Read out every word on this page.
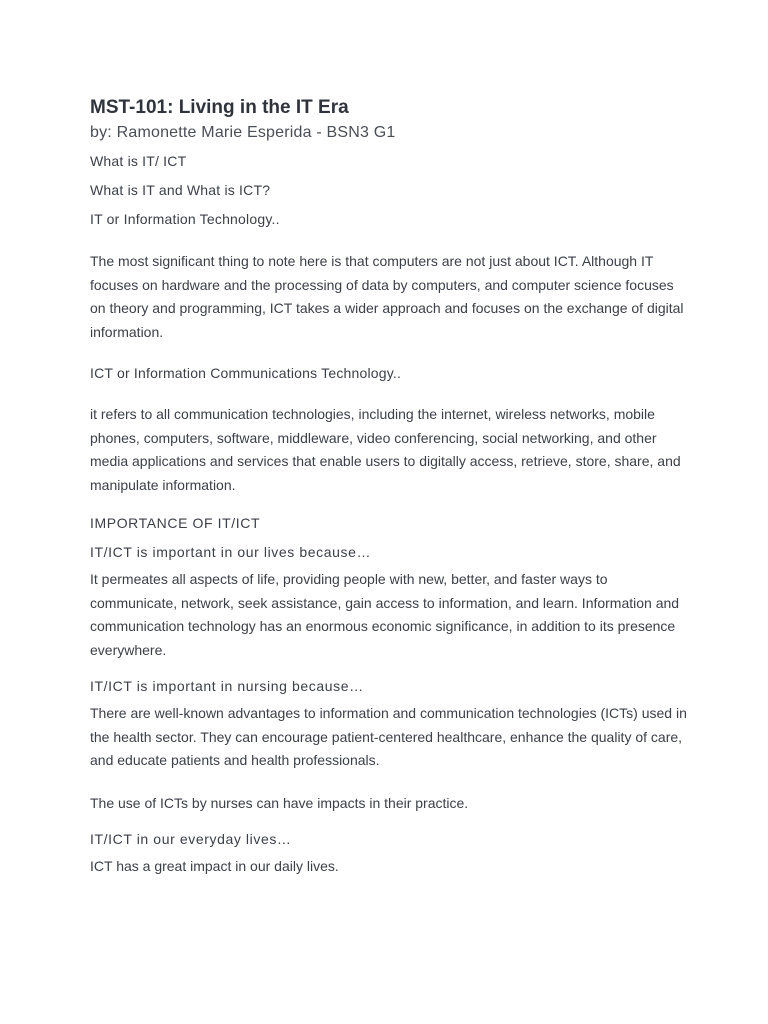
MST-101: Living in the IT Era

by: Ramonette Marie Esperida - BSN3 G1

What is IT/ ICT

What is IT and What is ICT?

IT or Information Technology..

The most significant thing to note here is that computers are not just about ICT. Although IT focuses on hardware and the processing of data by computers, and computer science focuses on theory and programming, ICT takes a wider approach and focuses on the exchange of digital information.

ICT or Information Communications Technology..

it refers to all communication technologies, including the internet, wireless networks, mobile phones, computers, software, middleware, video conferencing, social networking, and other media applications and services that enable users to digitally access, retrieve, store, share, and manipulate information.

IMPORTANCE OF IT/ICT

IT/ICT is important in our lives because…

It permeates all aspects of life, providing people with new, better, and faster ways to communicate, network, seek assistance, gain access to information, and learn. Information and communication technology has an enormous economic significance, in addition to its presence everywhere.

IT/ICT is important in nursing because…

There are well-known advantages to information and communication technologies (ICTs) used in the health sector. They can encourage patient-centered healthcare, enhance the quality of care, and educate patients and health professionals.

The use of ICTs by nurses can have impacts in their practice.

IT/ICT in our everyday lives…

ICT has a great impact in our daily lives.
